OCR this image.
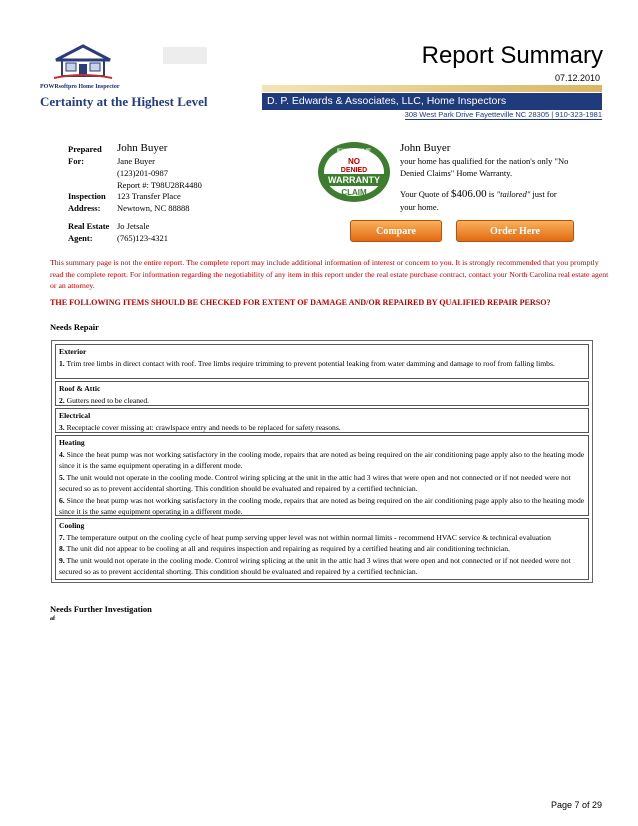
POWRsoftpro Home Inspector
Certainty at the Highest Level
Report Summary
07.12.2010
D. P. Edwards & Associates, LLC, Home Inspectors
308 West Park Drive Fayetteville NC 28305 | 910-323-1981
Prepared
For:
John Buyer
Jane Buyer
(123)201-0987
Report #: T98U28R4480
Inspection
Address:
123 Transfer Place
Newtown, NC 88888
Real Estate
Agent:
Jo Jetsale
(765)123-4321
EXCLUSIVE
NO
DENIED
WARRANTY
CLAIM
John Buyer
your home has qualified for the nation's only "No Denied Claims" Home Warranty.
Your Quote of $406.00 is "tailored" just for
your home.
Compare	Order Here
This summary page is not the entire report. The complete report may include additional information of interest or concern to you. It is strongly recommended that you promptly read the complete report. For information regarding the negotiability of any item in this report under the real estate purchase contract, contact your North Carolina real estate agent or an attorney.
THE FOLLOWING ITEMS SHOULD BE CHECKED FOR EXTENT OF DAMAGE AND/OR REPAIRED BY QUALIFIED REPAIR PERSO?
Needs Repair
Exterior
1. Trim tree limbs in direct contact with roof. Tree limbs require trimming to prevent potential leaking from water damming and damage to roof from falling limbs.
Roof & Attic
2. Gutters need to be cleaned.
Electrical
3. Receptacle cover missing at: crawlspace entry and needs to be replaced for safety reasons.
Heating
4. Since the heat pump was not working satisfactory in the cooling mode, repairs that are noted as being required on the air conditioning page apply also to the heating mode since it is the same equipment operating in a different mode.
5. The unit would not operate in the cooling mode. Control wiring splicing at the unit in the attic had 3 wires that were open and not connected or if not needed were not secured so as to prevent accidental shorting. This condition should be evaluated and repaired by a certified technician.
6. Since the heat pump was not working satisfactory in the cooling mode, repairs that are noted as being required on the air conditioning page apply also to the heating mode since it is the same equipment operating in a different mode.
Cooling
7. The temperature output on the cooling cycle of heat pump serving upper level was not within normal limits - recommend HVAC service & technical evaluation
8. The unit did not appear to be cooling at all and requires inspection and repairing as required by a certified heating and air conditioning technician.
9. The unit would not operate in the cooling mode. Control wiring splicing at the unit in the attic had 3 wires that were open and not connected or if not needed were not secured so as to prevent accidental shorting. This condition should be evaluated and repaired by a certified technician.
Needs Further Investigation
af
Page 7 of 29
